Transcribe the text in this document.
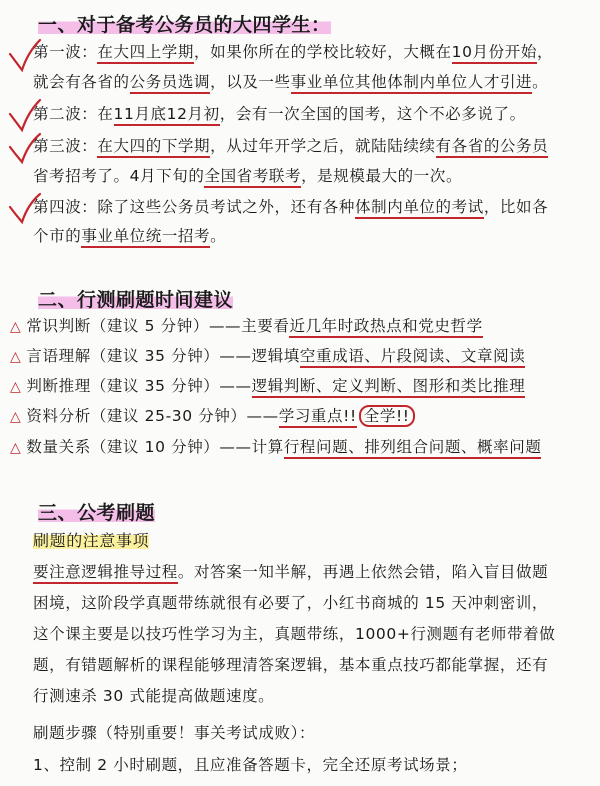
一、对于备考公务员的大四学生：
第一波：在大四上学期，如果你所在的学校比较好，大概在10月份开始，
就会有各省的公务员选调，以及一些事业单位其他体制内单位人才引进。
第二波：在11月底12月初，会有一次全国的国考，这个不必多说了。
第三波：在大四的下学期，从过年开学之后，就陆陆续续有各省的公务员
省考招考了。4月下旬的全国省考联考，是规模最大的一次。
第四波：除了这些公务员考试之外，还有各种体制内单位的考试，比如各
个市的事业单位统一招考。
二、行测刷题时间建议
△ 常识判断（建议 5 分钟）——主要看近几年时政热点和党史哲学
△ 言语理解（建议 35 分钟）——逻辑填空重成语、片段阅读、文章阅读
△ 判断推理（建议 35 分钟）——逻辑判断、定义判断、图形和类比推理
△ 资料分析（建议 25-30 分钟）——学习重点!! 全学!!
△ 数量关系（建议 10 分钟）——计算行程问题、排列组合问题、概率问题
三、公考刷题
刷题的注意事项
要注意逻辑推导过程。对答案一知半解，再遇上依然会错，陷入盲目做题
困境，这阶段学真题带练就很有必要了，小红书商城的 15 天冲刺密训，
这个课主要是以技巧性学习为主，真题带练，1000+行测题有老师带着做
题，有错题解析的课程能够理清答案逻辑，基本重点技巧都能掌握，还有
行测速杀 30 式能提高做题速度。
刷题步骤（特别重要！事关考试成败）：
1、控制 2 小时刷题，且应准备答题卡，完全还原考试场景；
